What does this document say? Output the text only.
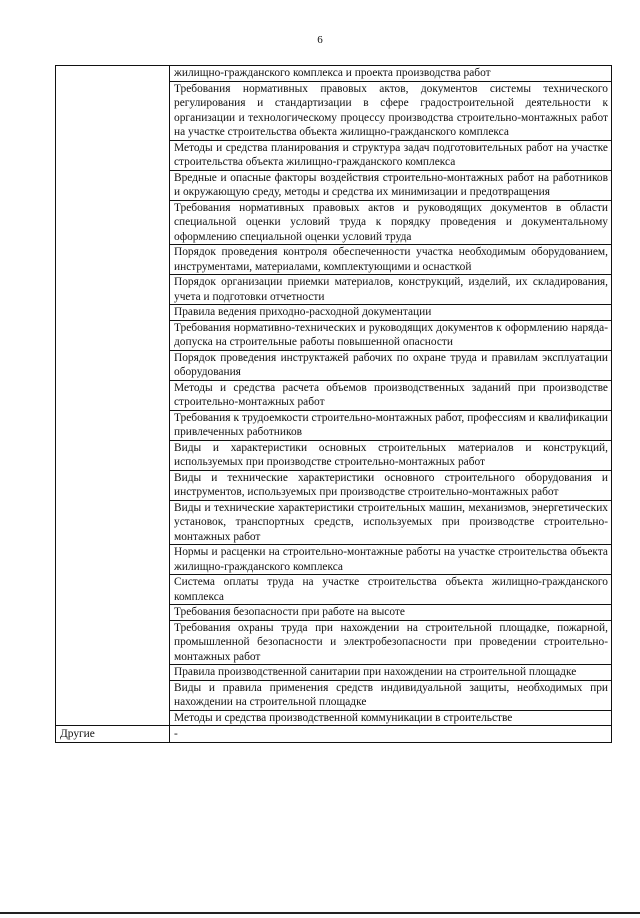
6
	жилищно-гражданского комплекса и проекта производства работ
	Требования нормативных правовых актов, документов системы технического регулирования и стандартизации в сфере градостроительной деятельности к организации и технологическому процессу производства строительно-монтажных работ на участке строительства объекта жилищно-гражданского комплекса
	Методы и средства планирования и структура задач подготовительных работ на участке строительства объекта жилищно-гражданского комплекса
	Вредные и опасные факторы воздействия строительно-монтажных работ на работников и окружающую среду, методы и средства их минимизации и предотвращения
	Требования нормативных правовых актов и руководящих документов в области специальной оценки условий труда к порядку проведения и документальному оформлению специальной оценки условий труда
	Порядок проведения контроля обеспеченности участка необходимым оборудованием, инструментами, материалами, комплектующими и оснасткой
	Порядок организации приемки материалов, конструкций, изделий, их складирования, учета и подготовки отчетности
	Правила ведения приходно-расходной документации
	Требования нормативно-технических и руководящих документов к оформлению наряда-допуска на строительные работы повышенной опасности
	Порядок проведения инструктажей рабочих по охране труда и правилам эксплуатации оборудования
	Методы и средства расчета объемов производственных заданий при производстве строительно-монтажных работ
	Требования к трудоемкости строительно-монтажных работ, профессиям и квалификации привлеченных работников
	Виды и характеристики основных строительных материалов и конструкций, используемых при производстве строительно-монтажных работ
	Виды и технические характеристики основного строительного оборудования и инструментов, используемых при производстве строительно-монтажных работ
	Виды и технические характеристики строительных машин, механизмов, энергетических установок, транспортных средств, используемых при производстве строительно-монтажных работ
	Нормы и расценки на строительно-монтажные работы на участке строительства объекта жилищно-гражданского комплекса
	Система оплаты труда на участке строительства объекта жилищно-гражданского комплекса
	Требования безопасности при работе на высоте
	Требования охраны труда при нахождении на строительной площадке, пожарной, промышленной безопасности и электробезопасности при проведении строительно-монтажных работ
	Правила производственной санитарии при нахождении на строительной площадке
	Виды и правила применения средств индивидуальной защиты, необходимых при нахождении на строительной площадке
	Методы и средства производственной коммуникации в строительстве
Другие	-
